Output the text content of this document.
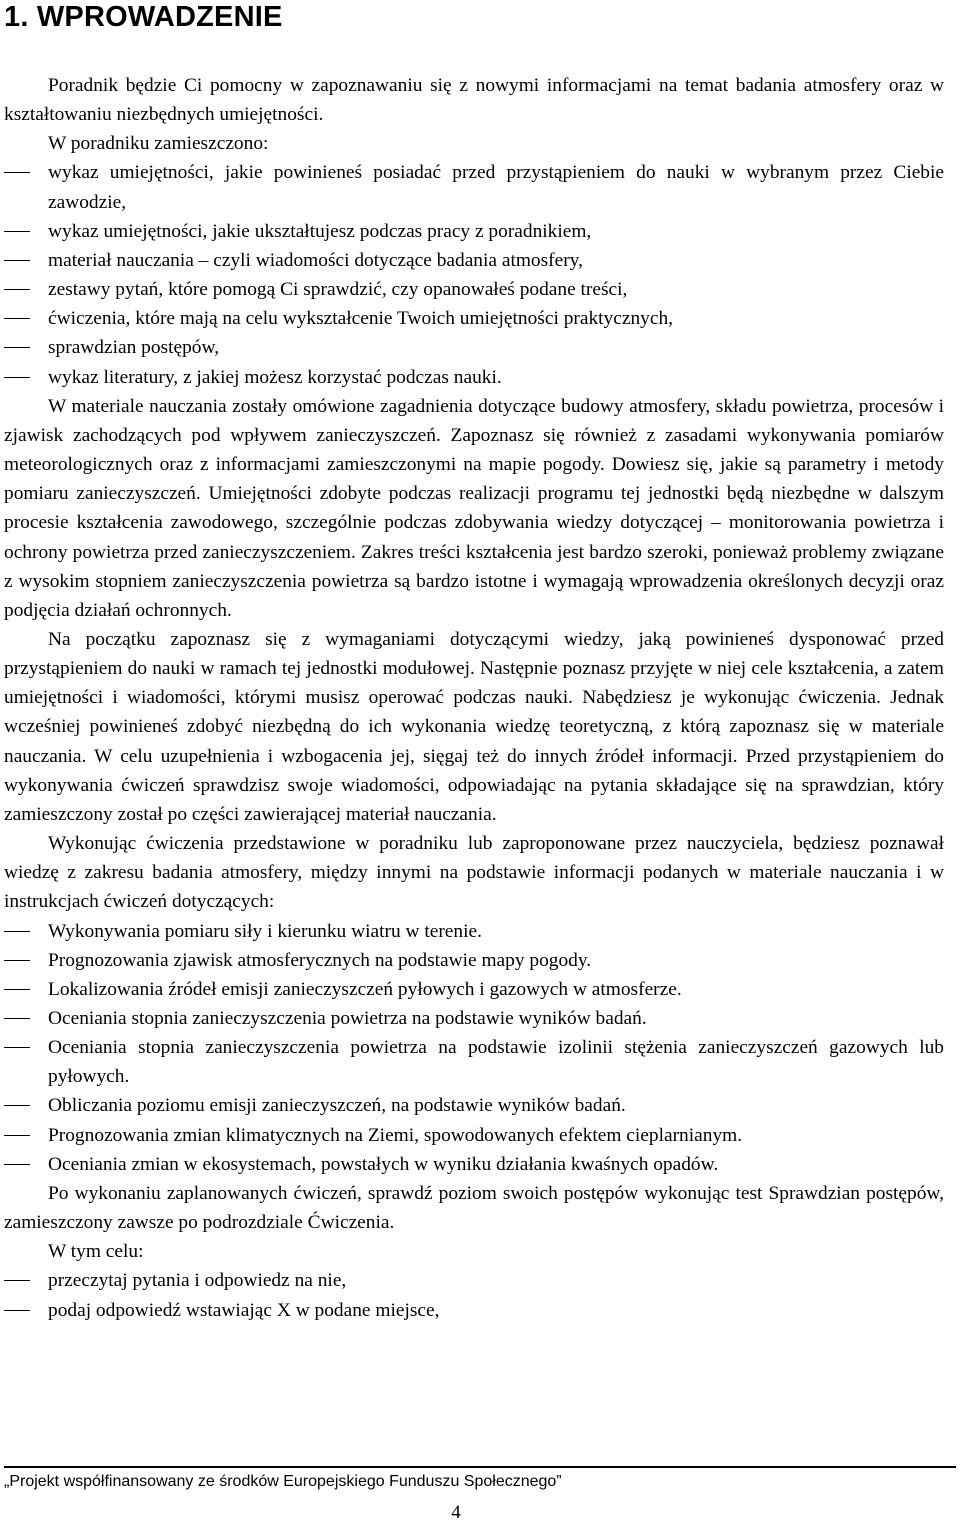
1. WPROWADZENIE

Poradnik będzie Ci pomocny w zapoznawaniu się z nowymi informacjami na temat badania atmosfery oraz w kształtowaniu niezbędnych umiejętności.

W poradniku zamieszczono:

wykaz umiejętności, jakie powinieneś posiadać przed przystąpieniem do nauki w wybranym przez Ciebie zawodzie,
wykaz umiejętności, jakie ukształtujesz podczas pracy z poradnikiem,
materiał nauczania – czyli wiadomości dotyczące badania atmosfery,
zestawy pytań, które pomogą Ci sprawdzić, czy opanowałeś podane treści,
ćwiczenia, które mają na celu wykształcenie Twoich umiejętności praktycznych,
sprawdzian postępów,
wykaz literatury, z jakiej możesz korzystać podczas nauki.

W materiale nauczania zostały omówione zagadnienia dotyczące budowy atmosfery, składu powietrza, procesów i zjawisk zachodzących pod wpływem zanieczyszczeń. Zapoznasz się również z zasadami wykonywania pomiarów meteorologicznych oraz z informacjami zamieszczonymi na mapie pogody. Dowiesz się, jakie są parametry i metody pomiaru zanieczyszczeń. Umiejętności zdobyte podczas realizacji programu tej jednostki będą niezbędne w dalszym procesie kształcenia zawodowego, szczególnie podczas zdobywania wiedzy dotyczącej – monitorowania powietrza i ochrony powietrza przed zanieczyszczeniem. Zakres treści kształcenia jest bardzo szeroki, ponieważ problemy związane z wysokim stopniem zanieczyszczenia powietrza są bardzo istotne i wymagają wprowadzenia określonych decyzji oraz podjęcia działań ochronnych.

Na początku zapoznasz się z wymaganiami dotyczącymi wiedzy, jaką powinieneś dysponować przed przystąpieniem do nauki w ramach tej jednostki modułowej. Następnie poznasz przyjęte w niej cele kształcenia, a zatem umiejętności i wiadomości, którymi musisz operować podczas nauki. Nabędziesz je wykonując ćwiczenia. Jednak wcześniej powinieneś zdobyć niezbędną do ich wykonania wiedzę teoretyczną, z którą zapoznasz się w materiale nauczania. W celu uzupełnienia i wzbogacenia jej, sięgaj też do innych źródeł informacji. Przed przystąpieniem do wykonywania ćwiczeń sprawdzisz swoje wiadomości, odpowiadając na pytania składające się na sprawdzian, który zamieszczony został po części zawierającej materiał nauczania.

Wykonując ćwiczenia przedstawione w poradniku lub zaproponowane przez nauczyciela, będziesz poznawał wiedzę z zakresu badania atmosfery, między innymi na podstawie informacji podanych w materiale nauczania i w instrukcjach ćwiczeń dotyczących:

Wykonywania pomiaru siły i kierunku wiatru w terenie.
Prognozowania zjawisk atmosferycznych na podstawie mapy pogody.
Lokalizowania źródeł emisji zanieczyszczeń pyłowych i gazowych w atmosferze.
Oceniania stopnia zanieczyszczenia powietrza na podstawie wyników badań.
Oceniania stopnia zanieczyszczenia powietrza na podstawie izolinii stężenia zanieczyszczeń gazowych lub pyłowych.
Obliczania poziomu emisji zanieczyszczeń, na podstawie wyników badań.
Prognozowania zmian klimatycznych na Ziemi, spowodowanych efektem cieplarnianym.
Oceniania zmian w ekosystemach, powstałych w wyniku działania kwaśnych opadów.

Po wykonaniu zaplanowanych ćwiczeń, sprawdź poziom swoich postępów wykonując test Sprawdzian postępów, zamieszczony zawsze po podrozdziale Ćwiczenia.

W tym celu:

przeczytaj pytania i odpowiedz na nie,
podaj odpowiedź wstawiając X w podane miejsce,
„Projekt współfinansowany ze środków Europejskiego Funduszu Społecznego”
4
